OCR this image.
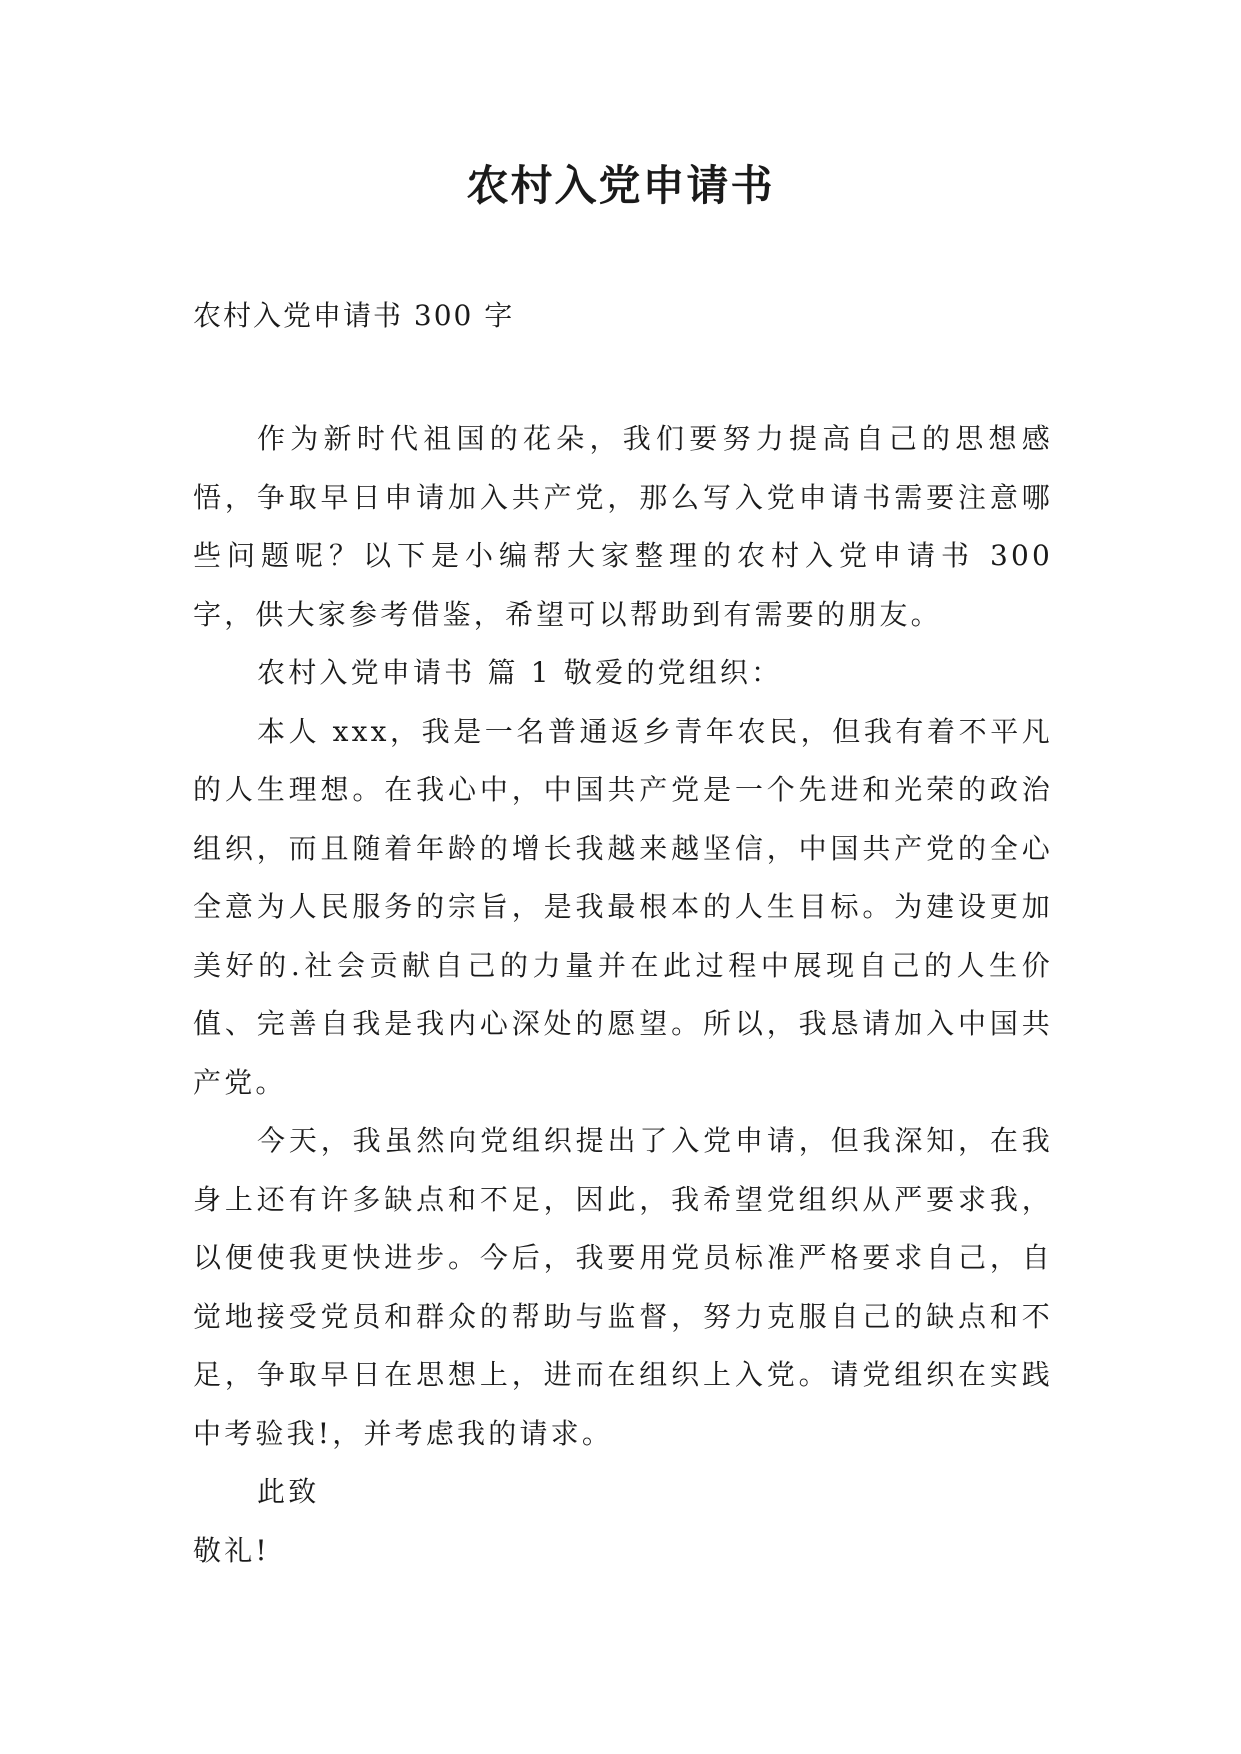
农村入党申请书

农村入党申请书 300 字

作为新时代祖国的花朵，我们要努力提高自己的思想感悟，争取早日申请加入共产党，那么写入党申请书需要注意哪些问题呢？以下是小编帮大家整理的农村入党申请书 300 字，供大家参考借鉴，希望可以帮助到有需要的朋友。

农村入党申请书 篇 1 敬爱的党组织：

本人 xxx，我是一名普通返乡青年农民，但我有着不平凡的人生理想。在我心中，中国共产党是一个先进和光荣的政治组织，而且随着年龄的增长我越来越坚信，中国共产党的全心全意为人民服务的宗旨，是我最根本的人生目标。为建设更加美好的.社会贡献自己的力量并在此过程中展现自己的人生价值、完善自我是我内心深处的愿望。所以，我恳请加入中国共产党。

今天，我虽然向党组织提出了入党申请，但我深知，在我身上还有许多缺点和不足，因此，我希望党组织从严要求我，以便使我更快进步。今后，我要用党员标准严格要求自己，自觉地接受党员和群众的帮助与监督，努力克服自己的缺点和不足，争取早日在思想上，进而在组织上入党。请党组织在实践中考验我!，并考虑我的请求。

此致

敬礼!
